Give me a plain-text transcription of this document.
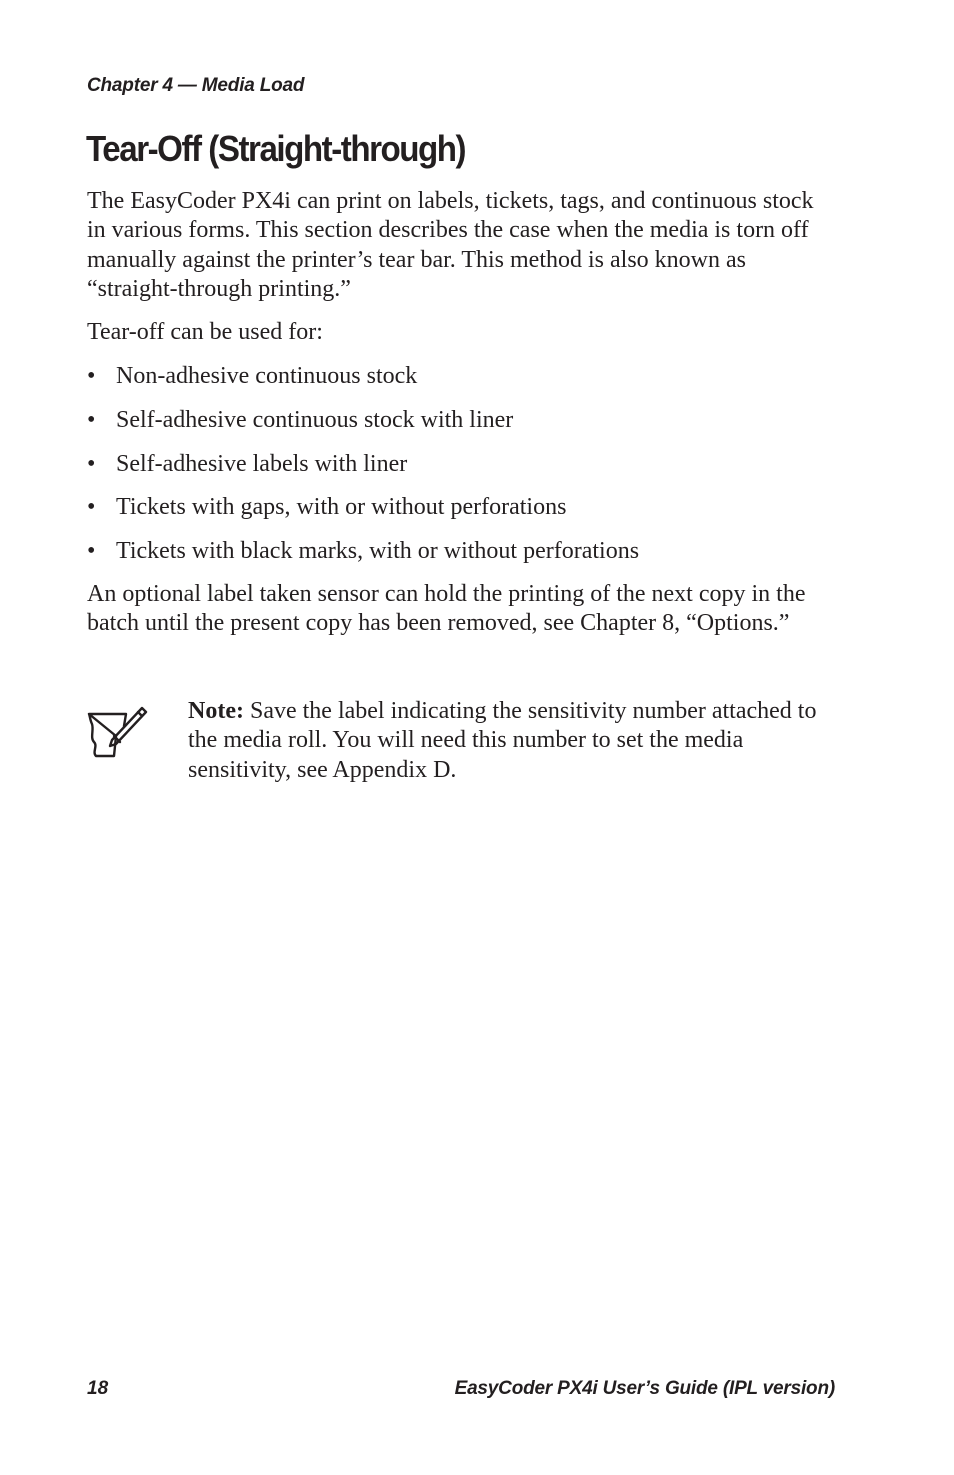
Chapter 4 — Media Load
Tear-Off (Straight-through)

The EasyCoder PX4i can print on labels, tickets, tags, and continuous stock in various forms. This section describes the case when the media is torn off manually against the printer’s tear bar. This method is also known as “straight-through printing.”

Tear-off can be used for:

• Non-adhesive continuous stock
• Self-adhesive continuous stock with liner
• Self-adhesive labels with liner
• Tickets with gaps, with or without perforations
• Tickets with black marks, with or without perforations

An optional label taken sensor can hold the printing of the next copy in the batch until the present copy has been removed, see Chapter 8, “Options.”

Note: Save the label indicating the sensitivity number attached to the media roll. You will need this number to set the media sensitivity, see Appendix D.

18	EasyCoder PX4i User’s Guide (IPL version)
